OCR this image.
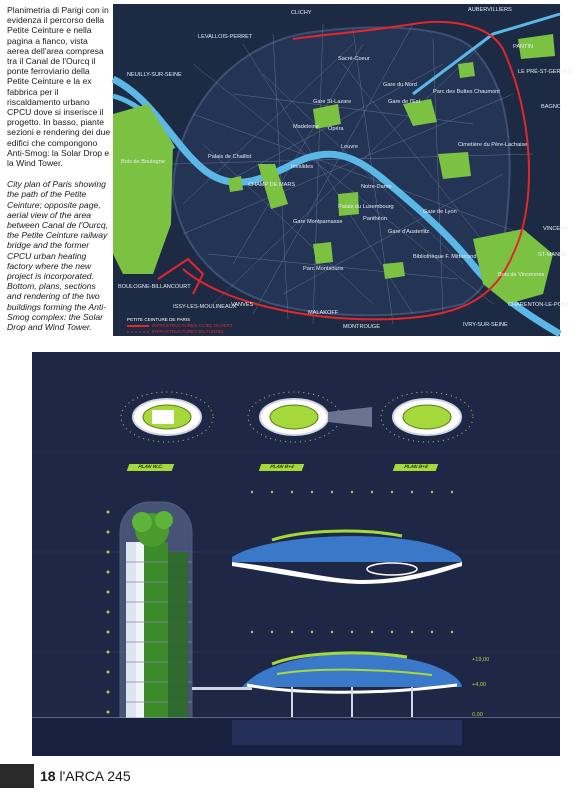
Planimetria di Parigi con in evidenza il percorso della Petite Ceinture e nella pagina a fianco, vista aerea dell'area compresa tra il Canal de l'Ourcq il ponte ferroviario della Petite Ceinture e la ex fabbrica per il riscaldamento urbano CPCU dove si inserisce il progetto. In basso, piante sezioni e rendering dei due edifici che compongono Anti-Smog: la Solar Drop e la Wind Tower.

City plan of Paris showing the path of the Petite Ceinture; opposite page, aerial view of the area between Canal de l'Ourcq, the Petite Ceinture railway bridge and the former CPCU urban heating factory where the new project is incorporated. Bottom, plans, sections and rendering of the two buildings forming the Anti-Smog complex: the Solar Drop and Wind Tower.

CLICHY	AUBERVILLIERS
LEVALLOIS-PERRET
PANTIN
NEUILLY-SUR-SEINE	LE PRÉ-ST-GERVAIS
Sacré-Coeur
Gare du Nord
Gare de l'Est
Parc des Buttes Chaumont
Madeleine Opéra
Gare St-Lazare
BAGNO
Palais de Chaillot
Invalides
CHAMP DE MARS
Louvre
Notre-Dame
Cimetière du Père-Lachaise
Palais du Luxembourg
Panthéon
Gare de Lyon
Gare Montparnasse
Gare d'Austerlitz
Bibliothèque F. Mitterrand
BOULOGNE-BILLANCOURT
ISSY-LES-MOULINEAUX
VANVES
MALAKOFF
MONTROUGE	IVRY-SUR-SEINE
CHARENTON-LE-PONT
VINCENN
ST-MANDÉ
Bois de Vincennes
Bois de Boulogne
Parc Montsouris
PETITE CEINTURE DE PARIS
INFRASTRUCTURES A CIEL OUVERT
INFRASTRUCTURES EN TUNNEL
PLAN W.C.	PLAN B+4	PLAN B+8
+19,00
+4,00
0,00
18 l'ARCA 245
